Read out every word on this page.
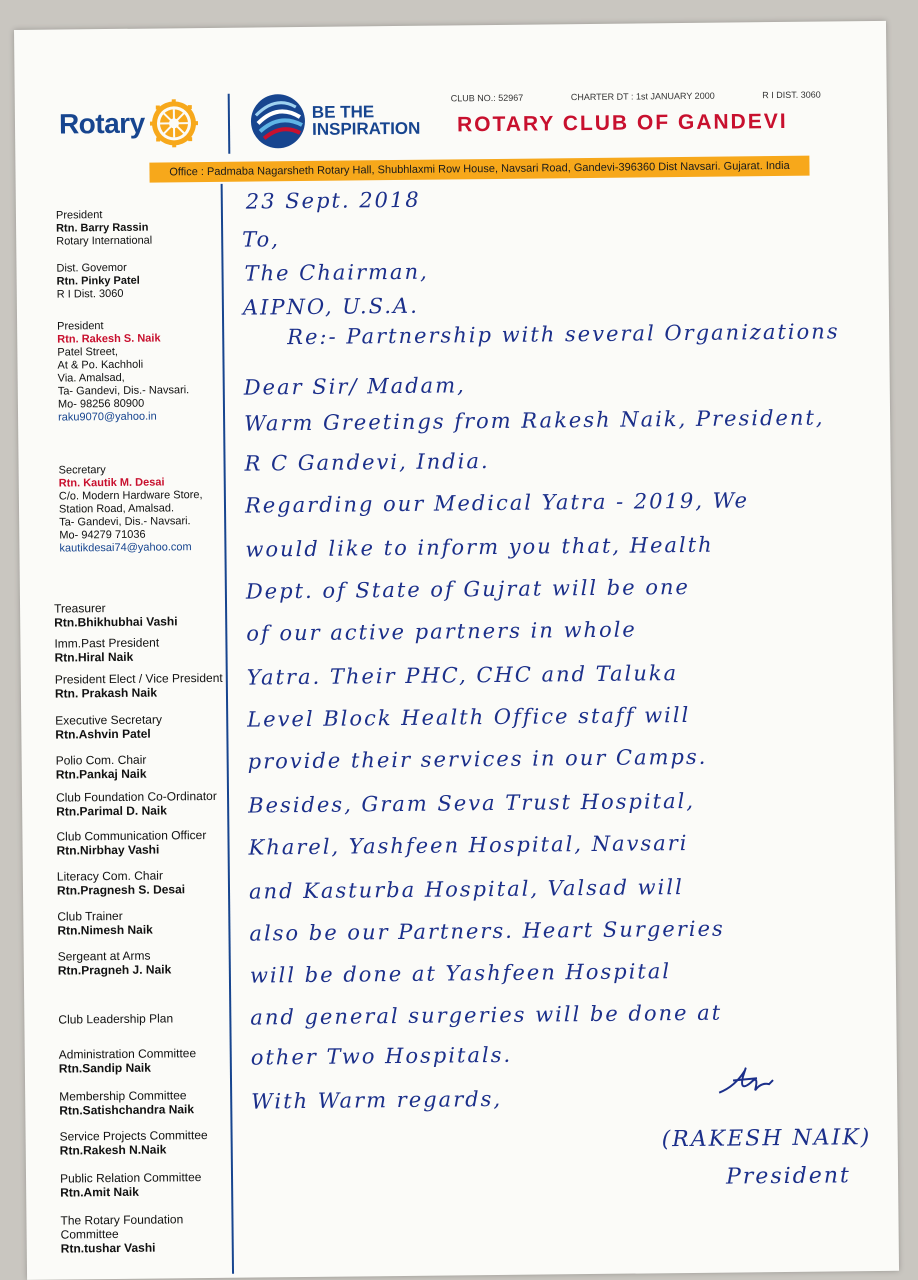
Rotary	BE THE
INSPIRATION
CLUB NO.: 52967	CHARTER DT : 1st JANUARY 2000	R I DIST. 3060
ROTARY CLUB OF GANDEVI
Office : Padmaba Nagarsheth Rotary Hall, Shubhlaxmi Row House, Navsari Road, Gandevi-396360 Dist Navsari. Gujarat. India
President
Rtn. Barry Rassin
Rotary International
Dist. Govemor
Rtn. Pinky Patel
R I Dist. 3060
President
Rtn. Rakesh S. Naik
Patel Street,
At & Po. Kachholi
Via. Amalsad,
Ta- Gandevi, Dis.- Navsari.
Mo- 98256 80900
raku9070@yahoo.in
Secretary
Rtn. Kautik M. Desai
C/o. Modern Hardware Store,
Station Road, Amalsad.
Ta- Gandevi, Dis.- Navsari.
Mo- 94279 71036
kautikdesai74@yahoo.com
Treasurer
Rtn.Bhikhubhai Vashi
Imm.Past President
Rtn.Hiral Naik
President Elect / Vice President
Rtn. Prakash Naik
Executive Secretary
Rtn.Ashvin Patel
Polio Com. Chair
Rtn.Pankaj Naik
Club Foundation Co-Ordinator
Rtn.Parimal D. Naik
Club Communication Officer
Rtn.Nirbhay Vashi
Literacy Com. Chair
Rtn.Pragnesh S. Desai
Club Trainer
Rtn.Nimesh Naik
Sergeant at Arms
Rtn.Pragneh J. Naik
Club Leadership Plan
Administration Committee
Rtn.Sandip Naik
Membership Committee
Rtn.Satishchandra Naik
Service Projects Committee
Rtn.Rakesh N.Naik
Public Relation Committee
Rtn.Amit Naik
The Rotary Foundation Committee
Rtn.tushar Vashi
23 Sept. 2018
To,
The Chairman,
AIPNO, U.S.A.
Re:- Partnership with several Organizations
Dear Sir/ Madam,
Warm Greetings from Rakesh Naik, President,
R C Gandevi, India.
Regarding our Medical Yatra - 2019, We
would like to inform you that, Health
Dept. of State of Gujrat will be one
of our active partners in whole
Yatra. Their PHC, CHC and Taluka
Level Block Health Office staff will
provide their services in our Camps.
Besides, Gram Seva Trust Hospital,
Kharel, Yashfeen Hospital, Navsari
and Kasturba Hospital, Valsad will
also be our Partners. Heart Surgeries
will be done at Yashfeen Hospital
and general surgeries will be done at
other Two Hospitals.
With Warm regards,
(RAKESH NAIK)
President
